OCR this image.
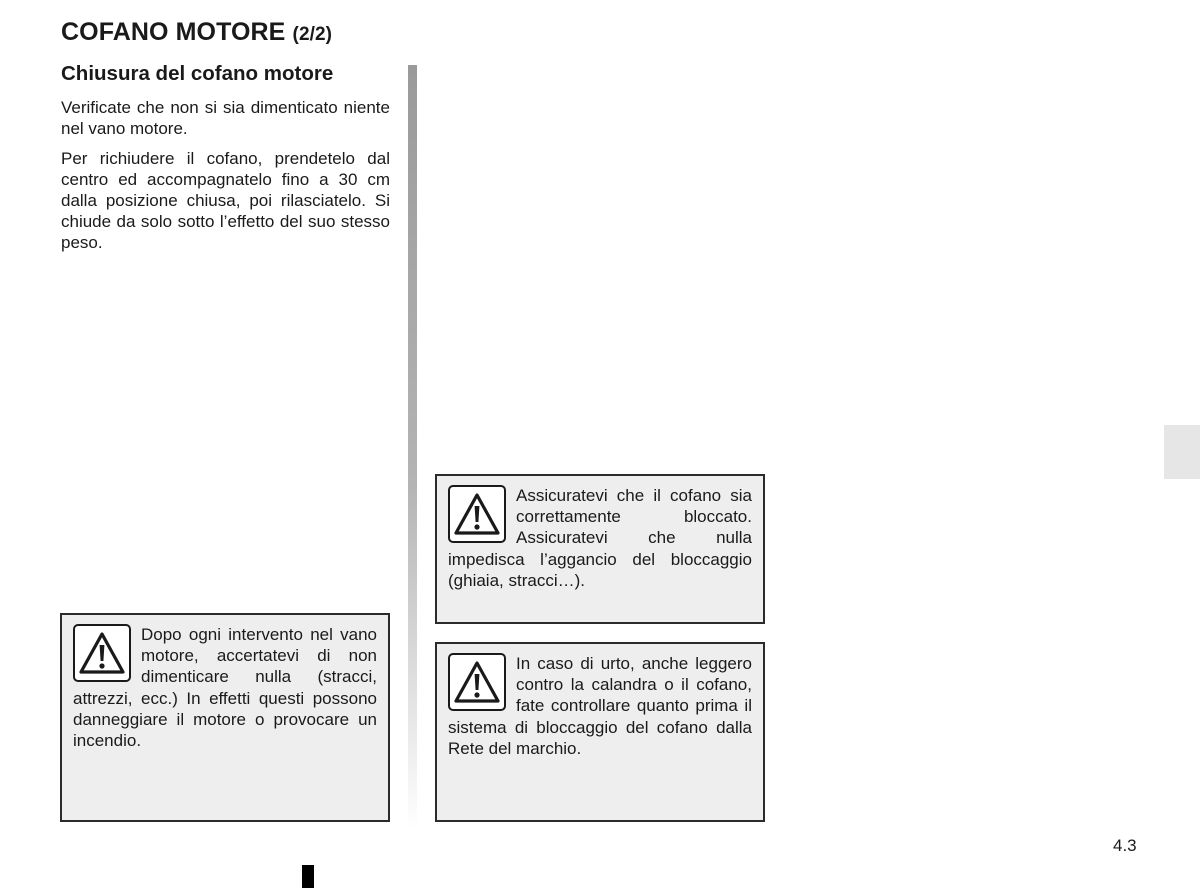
COFANO MOTORE (2/2)
Chiusura del cofano motore

Verificate che non si sia dimenticato niente nel vano motore.

Per richiudere il cofano, prendetelo dal centro ed accompagnatelo fino a 30 cm dalla posizione chiusa, poi rilasciatelo. Si chiude da solo sotto l’effetto del suo stesso peso.

Dopo ogni intervento nel vano motore, accertatevi di non dimenticare nulla (stracci, attrezzi, ecc.) In effetti questi possono danneggiare il motore o provocare un incendio.

Assicuratevi che il cofano sia correttamente bloccato. Assicuratevi che nulla impedisca l’aggancio del bloccaggio (ghiaia, stracci…).

In caso di urto, anche leggero contro la calandra o il cofano, fate controllare quanto prima il sistema di bloccaggio del cofano dalla Rete del marchio.

4.3
